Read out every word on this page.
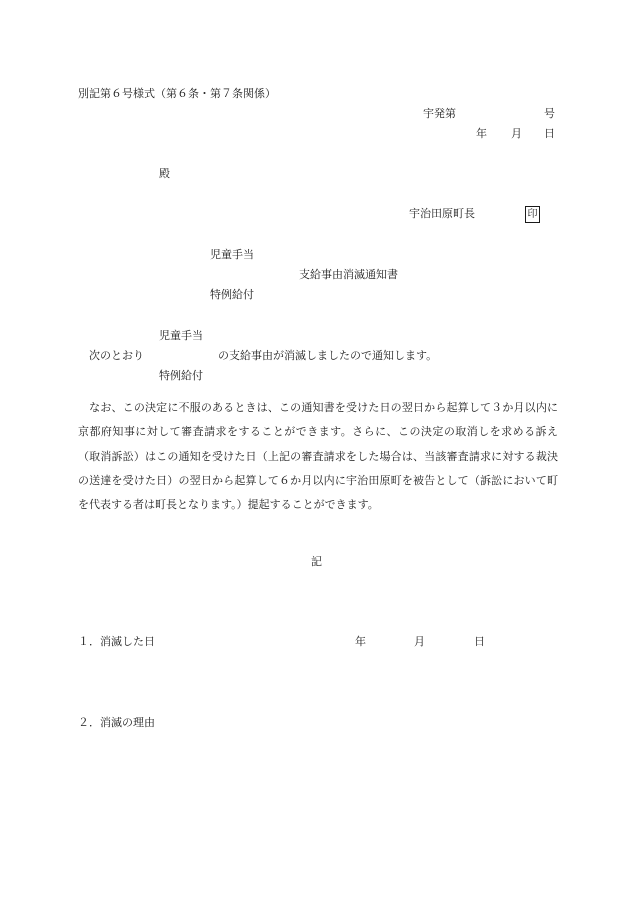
別記第６号様式（第６条・第７条関係）
宇発第	号
年 月 日
殿
宇治田原町長	印
児童手当
支給事由消滅通知書
特例給付
児童手当
次のとおり	の支給事由が消滅しましたので通知します。
特例給付
　なお、この決定に不服のあるときは、この通知書を受けた日の翌日から起算して３か月以内に京都府知事に対して審査請求をすることができます。さらに、この決定の取消しを求める訴え（取消訴訟）はこの通知を受けた日（上記の審査請求をした場合は、当該審査請求に対する裁決の送達を受けた日）の翌日から起算して６か月以内に宇治田原町を被告として（訴訟において町を代表する者は町長となります。）提起することができます。
記
１．消滅した日	年	月	日
２．消滅の理由
